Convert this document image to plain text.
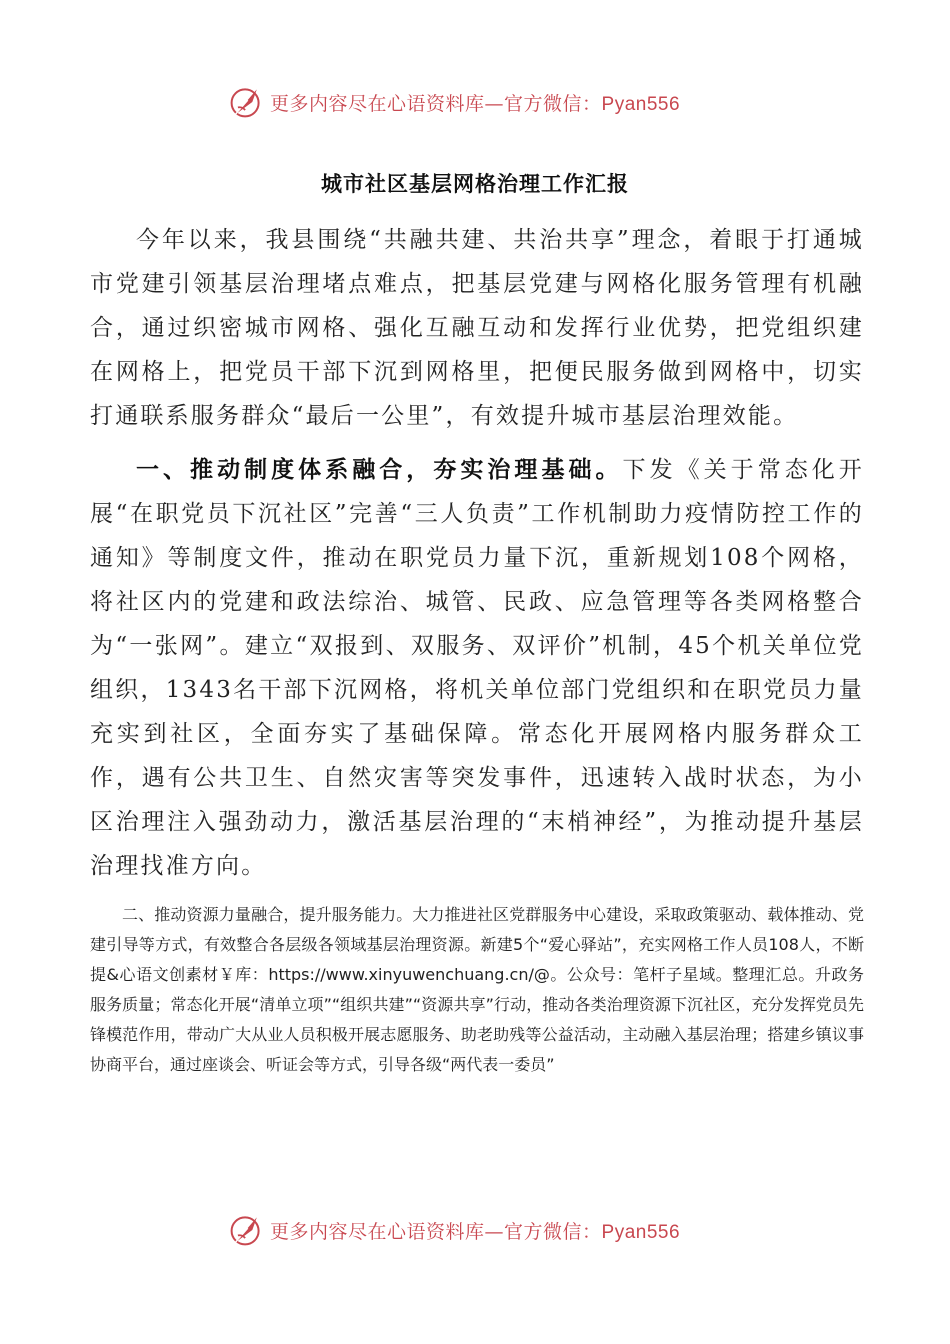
更多内容尽在心语资料库—官方微信：Pyan556
城市社区基层网格治理工作汇报

今年以来，我县围绕“共融共建、共治共享”理念，着眼于打通城市党建引领基层治理堵点难点，把基层党建与网格化服务管理有机融合，通过织密城市网格、强化互融互动和发挥行业优势，把党组织建在网格上，把党员干部下沉到网格里，把便民服务做到网格中，切实打通联系服务群众“最后一公里”，有效提升城市基层治理效能。

一、推动制度体系融合，夯实治理基础。下发《关于常态化开展“在职党员下沉社区”完善“三人负责”工作机制助力疫情防控工作的通知》等制度文件，推动在职党员力量下沉，重新规划108个网格，将社区内的党建和政法综治、城管、民政、应急管理等各类网格整合为“一张网”。建立“双报到、双服务、双评价”机制，45个机关单位党组织，1343名干部下沉网格，将机关单位部门党组织和在职党员力量充实到社区，全面夯实了基础保障。常态化开展网格内服务群众工作，遇有公共卫生、自然灾害等突发事件，迅速转入战时状态，为小区治理注入强劲动力，激活基层治理的“末梢神经”，为推动提升基层治理找准方向。

二、推动资源力量融合，提升服务能力。大力推进社区党群服务中心建设，采取政策驱动、载体推动、党建引导等方式，有效整合各层级各领域基层治理资源。新建5个“爱心驿站”，充实网格工作人员108人，不断提&心语文创素材￥库：https://www.xinyuwenchuang.cn/@。公众号：笔杆子星域。整理汇总。升政务服务质量；常态化开展“清单立项”“组织共建”“资源共享”行动，推动各类治理资源下沉社区，充分发挥党员先锋模范作用，带动广大从业人员积极开展志愿服务、助老助残等公益活动，主动融入基层治理；搭建乡镇议事协商平台，通过座谈会、听证会等方式，引导各级“两代表一委员”

更多内容尽在心语资料库—官方微信：Pyan556
